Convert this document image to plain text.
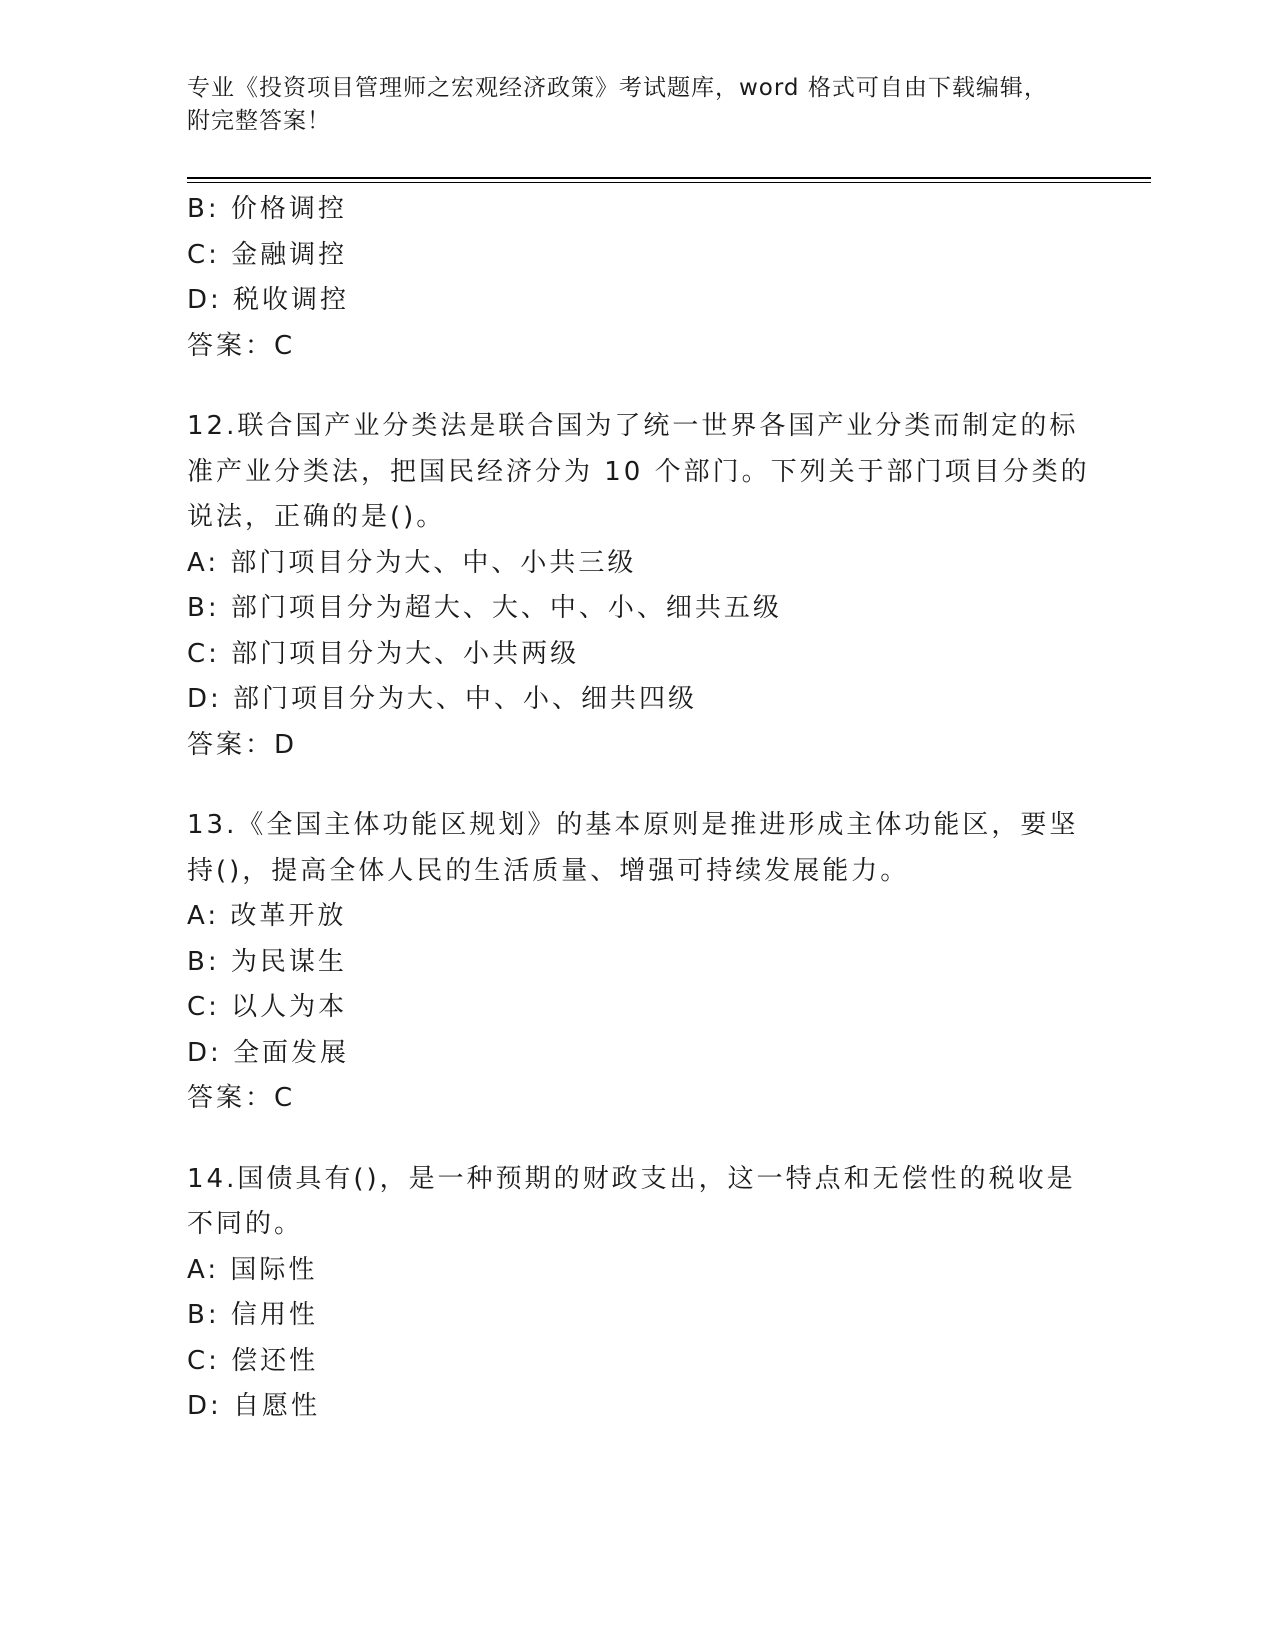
专业《投资项目管理师之宏观经济政策》考试题库，word 格式可自由下载编辑，
附完整答案！
B: 价格调控
C: 金融调控
D: 税收调控
答案：C
12.联合国产业分类法是联合国为了统一世界各国产业分类而制定的标
准产业分类法，把国民经济分为 10 个部门。下列关于部门项目分类的
说法，正确的是()。
A: 部门项目分为大、中、小共三级
B: 部门项目分为超大、大、中、小、细共五级
C: 部门项目分为大、小共两级
D: 部门项目分为大、中、小、细共四级
答案：D
13.《全国主体功能区规划》的基本原则是推进形成主体功能区，要坚
持()，提高全体人民的生活质量、增强可持续发展能力。
A: 改革开放
B: 为民谋生
C: 以人为本
D: 全面发展
答案：C
14.国债具有()，是一种预期的财政支出，这一特点和无偿性的税收是
不同的。
A: 国际性
B: 信用性
C: 偿还性
D: 自愿性
